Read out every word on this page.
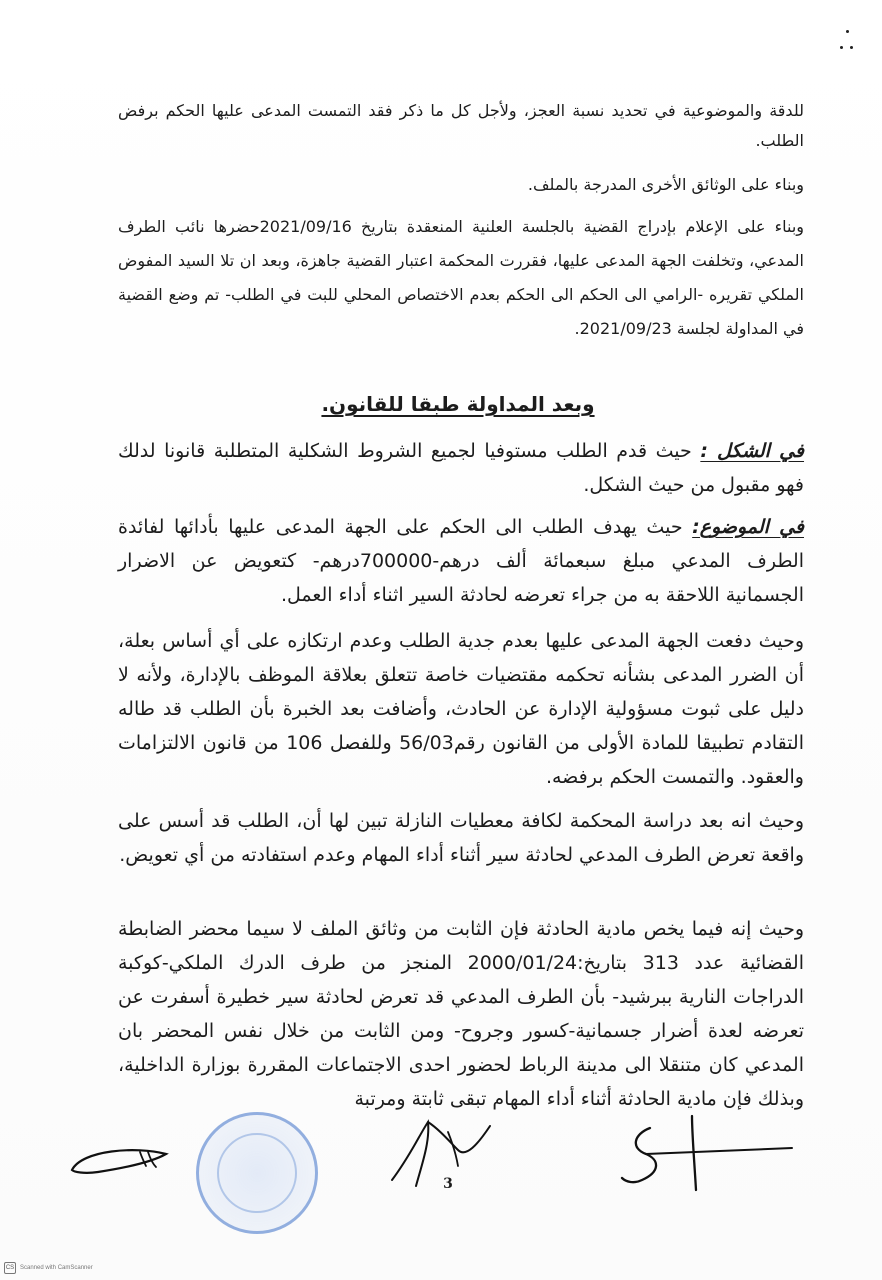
للدقة والموضوعية في تحديد نسبة العجز، ولأجل كل ما ذكر فقد التمست المدعى عليها الحكم برفض الطلب.
وبناء على الوثائق الأخرى المدرجة بالملف.
وبناء على الإعلام بإدراج القضية بالجلسة العلنية المنعقدة بتاريخ 2021/09/16حضرها نائب الطرف المدعي، وتخلفت الجهة المدعى عليها، فقررت المحكمة اعتبار القضية جاهزة، وبعد ان تلا السيد المفوض الملكي تقريره -الرامي الى الحكم الى الحكم بعدم الاختصاص المحلي للبت في الطلب- تم وضع القضية في المداولة لجلسة 2021/09/23.
وبعد المداولة طبقا للقانون.
في الشكل : حيث قدم الطلب مستوفيا لجميع الشروط الشكلية المتطلبة قانونا لدلك فهو مقبول من حيث الشكل.
في الموضوع: حيث يهدف الطلب الى الحكم على الجهة المدعى عليها بأدائها لفائدة الطرف المدعي مبلغ سبعمائة ألف درهم-700000درهم- كتعويض عن الاضرار الجسمانية اللاحقة به من جراء تعرضه لحادثة السير اثناء أداء العمل.
وحيث دفعت الجهة المدعى عليها بعدم جدية الطلب وعدم ارتكازه على أي أساس بعلة، أن الضرر المدعى بشأنه تحكمه مقتضيات خاصة تتعلق بعلاقة الموظف بالإدارة، ولأنه لا دليل على ثبوت مسؤولية الإدارة عن الحادث، وأضافت بعد الخبرة بأن الطلب قد طاله التقادم تطبيقا للمادة الأولى من القانون رقم56/03 وللفصل 106 من قانون الالتزامات والعقود. والتمست الحكم برفضه.
وحيث انه بعد دراسة المحكمة لكافة معطيات النازلة تبين لها أن، الطلب قد أسس على واقعة تعرض الطرف المدعي لحادثة سير أثناء أداء المهام وعدم استفادته من أي تعويض.
وحيث إنه فيما يخص مادية الحادثة فإن الثابت من وثائق الملف لا سيما محضر الضابطة القضائية عدد 313 بتاريخ:2000/01/24 المنجز من طرف الدرك الملكي-كوكبة الدراجات النارية ببرشيد- بأن الطرف المدعي قد تعرض لحادثة سير خطيرة أسفرت عن تعرضه لعدة أضرار جسمانية-كسور وجروح- ومن الثابت من خلال نفس المحضر بان المدعي كان متنقلا الى مدينة الرباط لحضور احدى الاجتماعات المقررة بوزارة الداخلية، وبذلك فإن مادية الحادثة أثناء أداء المهام تبقى ثابتة ومرتبة
3
CS Scanned with CamScanner
